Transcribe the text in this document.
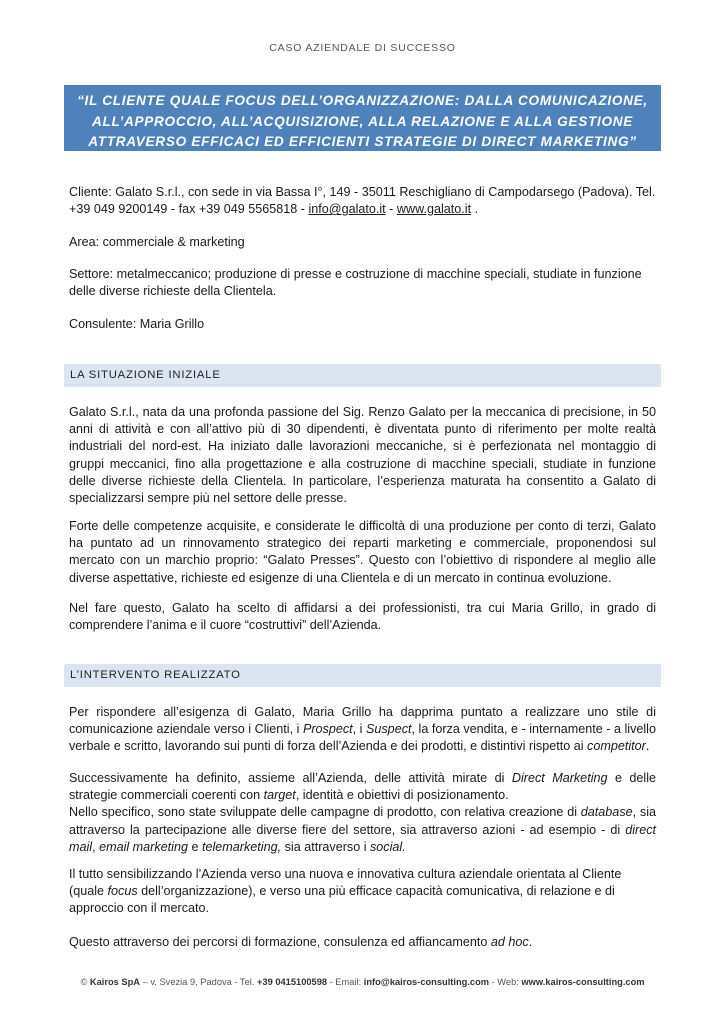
CASO AZIENDALE DI SUCCESSO
“IL CLIENTE QUALE FOCUS DELL’ORGANIZZAZIONE: DALLA COMUNICAZIONE,
ALL’APPROCCIO, ALL’ACQUISIZIONE, ALLA RELAZIONE E ALLA GESTIONE
ATTRAVERSO EFFICACI ED EFFICIENTI STRATEGIE DI DIRECT MARKETING”

Cliente: Galato S.r.l., con sede in via Bassa I°, 149 - 35011 Reschigliano di Campodarsego (Padova). Tel. +39 049 9200149 - fax +39 049 5565818 - info@galato.it - www.galato.it .

Area: commerciale & marketing

Settore: metalmeccanico; produzione di presse e costruzione di macchine speciali, studiate in funzione delle diverse richieste della Clientela.

Consulente: Maria Grillo

LA SITUAZIONE INIZIALE

Galato S.r.l., nata da una profonda passione del Sig. Renzo Galato per la meccanica di precisione, in 50 anni di attività e con all’attivo più di 30 dipendenti, è diventata punto di riferimento per molte realtà industriali del nord-est. Ha iniziato dalle lavorazioni meccaniche, si è perfezionata nel montaggio di gruppi meccanici, fino alla progettazione e alla costruzione di macchine speciali, studiate in funzione delle diverse richieste della Clientela. In particolare, l’esperienza maturata ha consentito a Galato di specializzarsi sempre più nel settore delle presse.

Forte delle competenze acquisite, e considerate le difficoltà di una produzione per conto di terzi, Galato ha puntato ad un rinnovamento strategico dei reparti marketing e commerciale, proponendosi sul mercato con un marchio proprio: “Galato Presses”. Questo con l’obiettivo di rispondere al meglio alle diverse aspettative, richieste ed esigenze di una Clientela e di un mercato in continua evoluzione.

Nel fare questo, Galato ha scelto di affidarsi a dei professionisti, tra cui Maria Grillo, in grado di comprendere l’anima e il cuore “costruttivi” dell’Azienda.

L’INTERVENTO REALIZZATO

Per rispondere all’esigenza di Galato, Maria Grillo ha dapprima puntato a realizzare uno stile di comunicazione aziendale verso i Clienti, i Prospect, i Suspect, la forza vendita, e - internamente - a livello verbale e scritto, lavorando sui punti di forza dell’Azienda e dei prodotti, e distintivi rispetto ai competitor.

Successivamente ha definito, assieme all’Azienda, delle attività mirate di Direct Marketing e delle strategie commerciali coerenti con target, identità e obiettivi di posizionamento.

Nello specifico, sono state sviluppate delle campagne di prodotto, con relativa creazione di database, sia attraverso la partecipazione alle diverse fiere del settore, sia attraverso azioni - ad esempio - di direct mail, email marketing e telemarketing, sia attraverso i social.

Il tutto sensibilizzando l’Azienda verso una nuova e innovativa cultura aziendale orientata al Cliente (quale focus dell’organizzazione), e verso una più efficace capacità comunicativa, di relazione e di approccio con il mercato.

Questo attraverso dei percorsi di formazione, consulenza ed affiancamento ad hoc.

© Kairos SpA – v. Svezia 9, Padova - Tel. +39 0415100598 - Email: info@kairos-consulting.com - Web: www.kairos-consulting.com
